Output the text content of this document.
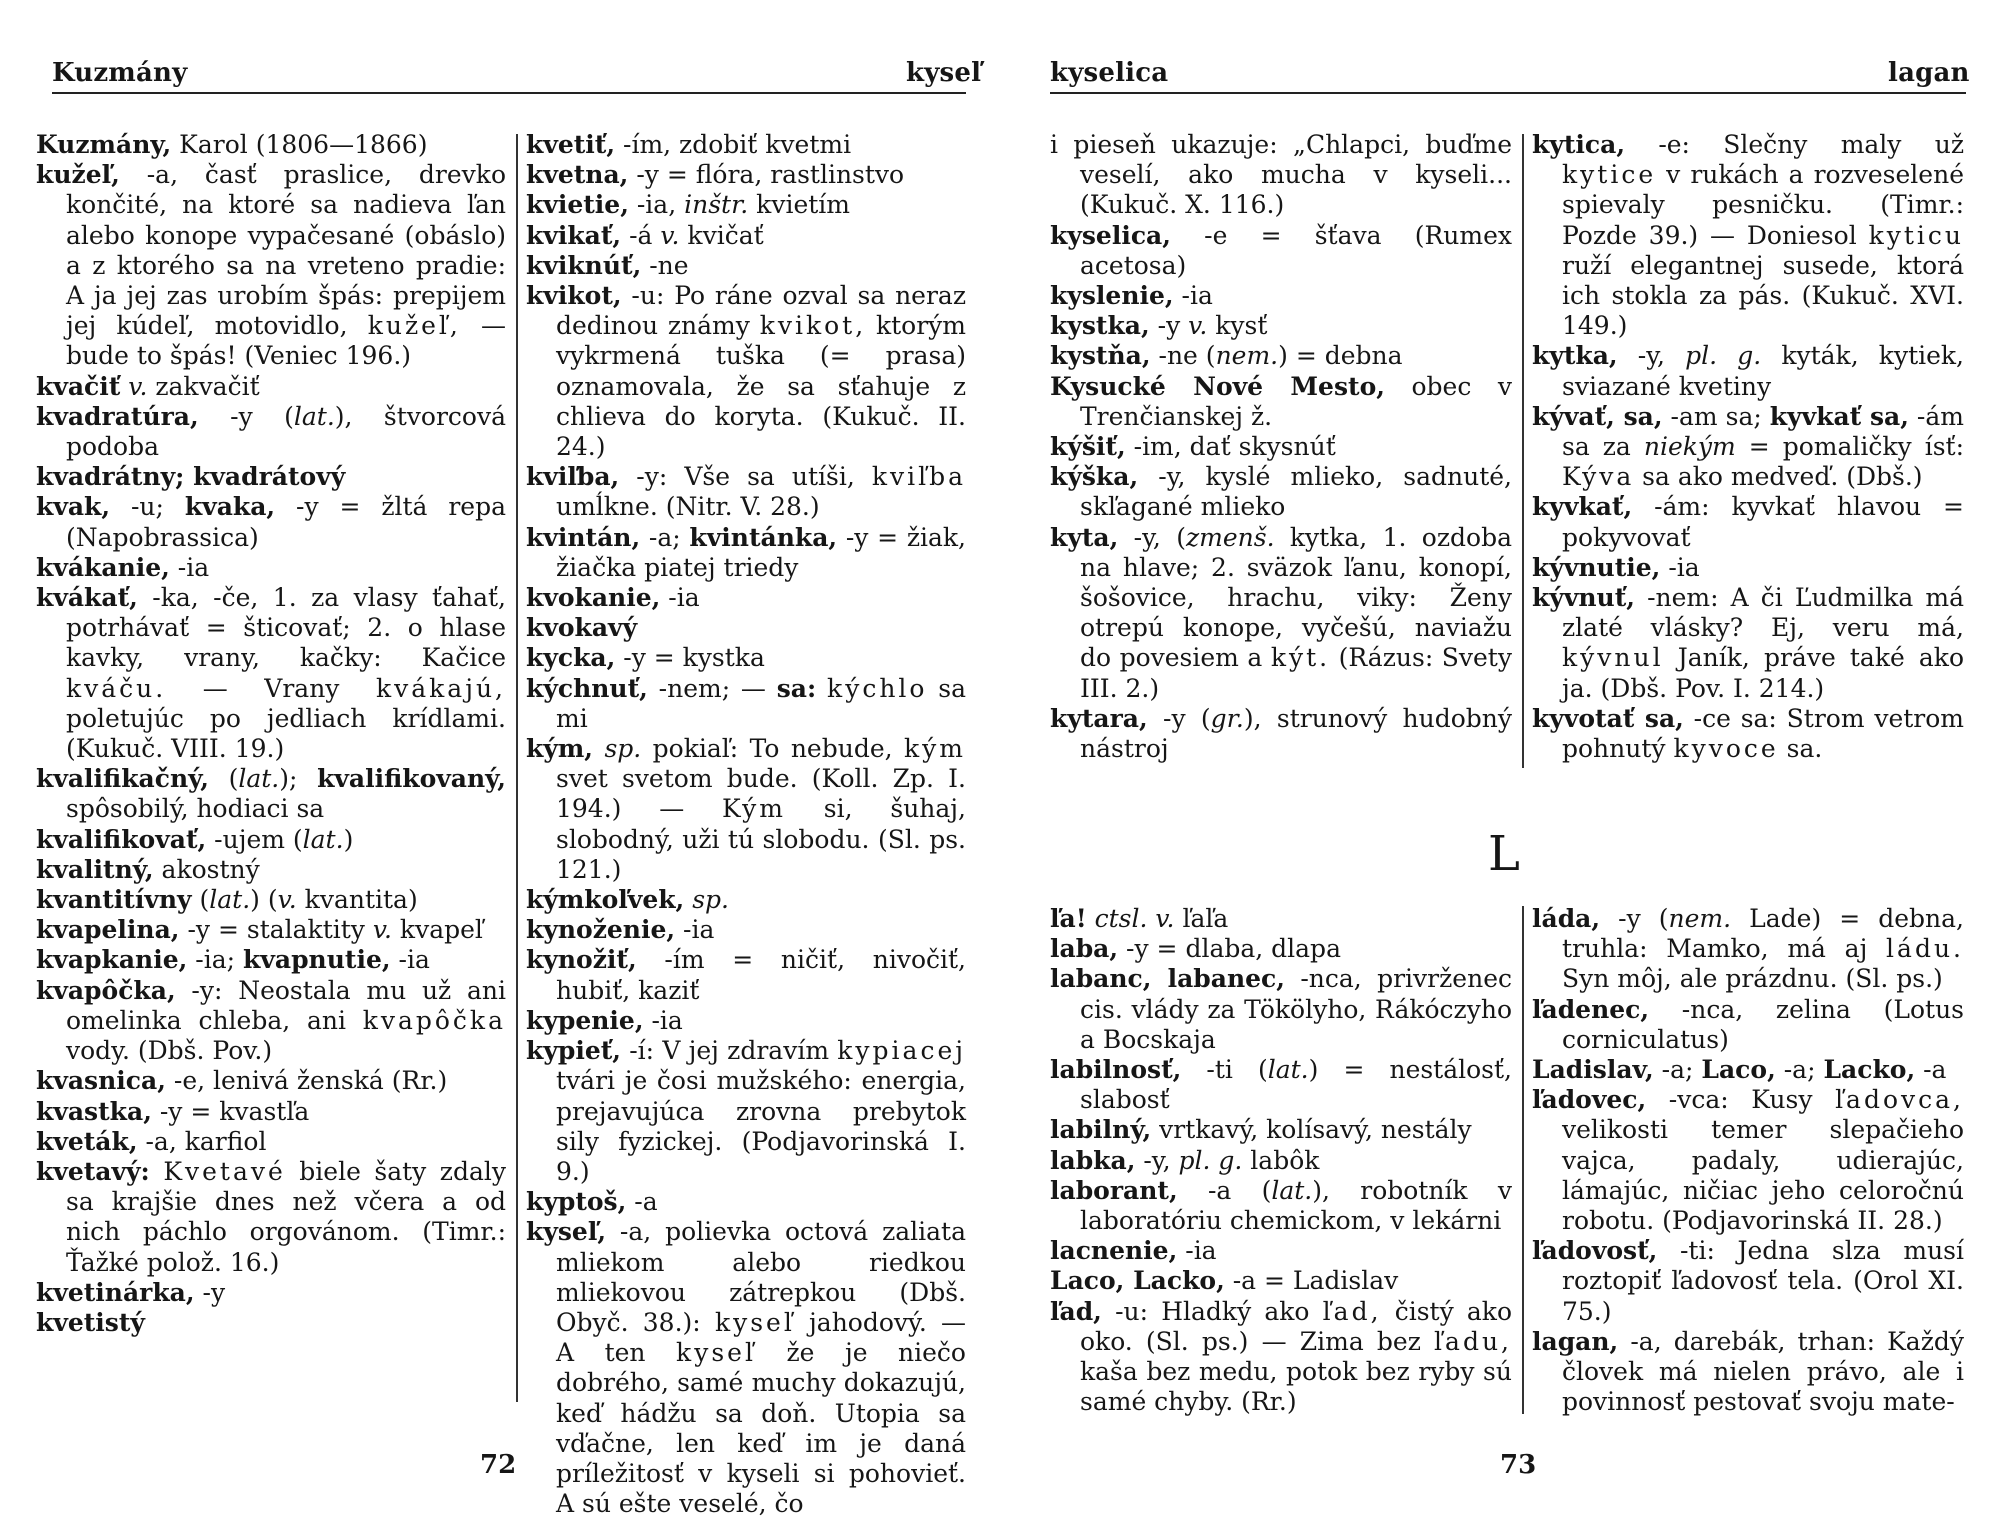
Kuzmány	kyseľ

Kuzmány, Karol (1806—1866)

kužeľ, -a, časť praslice, drevko končité, na ktoré sa nadieva ľan alebo konope vypačesané (obáslo) a z ktorého sa na vreteno pradie: A ja jej zas urobím špás: prepijem jej kúdeľ, motovidlo, kužeľ, — bude to špás! (Veniec 196.)

kvačiť v. zakvačiť

kvadratúra, -y (lat.), štvorcová podoba

kvadrátny; kvadrátový

kvak, -u; kvaka, -y = žltá repa (Napobrassica)

kvákanie, -ia

kvákať, -ka, -če, 1. za vlasy ťahať, potrhávať = šticovať; 2. o hlase kavky, vrany, kačky: Kačice kváču. — Vrany kvákajú, poletujúc po jedliach krídlami. (Kukuč. VIII. 19.)

kvalifikačný, (lat.); kvalifikovaný, spôsobilý, hodiaci sa

kvalifikovať, -ujem (lat.)

kvalitný, akostný

kvantitívny (lat.) (v. kvantita)

kvapelina, -y = stalaktity v. kvapeľ

kvapkanie, -ia; kvapnutie, -ia

kvapôčka, -y: Neostala mu už ani omelinka chleba, ani kvapôčka vody. (Dbš. Pov.)

kvasnica, -e, lenivá ženská (Rr.)

kvastka, -y = kvastľa

kveták, -a, karfiol

kvetavý: Kvetavé biele šaty zdaly sa krajšie dnes než včera a od nich páchlo orgovánom. (Timr.: Ťažké polož. 16.)

kvetinárka, -y

kvetistý

kvetiť, -ím, zdobiť kvetmi

kvetna, -y = flóra, rastlinstvo

kvietie, -ia, inštr. kvietím

kvikať, -á v. kvičať

kviknúť, -ne

kvikot, -u: Po ráne ozval sa neraz dedinou známy kvikot, ktorým vykrmená tuška (= prasa) oznamovala, že sa sťahuje z chlieva do koryta. (Kukuč. II. 24.)

kviľba, -y: Vše sa utíši, kviľba umĺkne. (Nitr. V. 28.)

kvintán, -a; kvintánka, -y = žiak, žiačka piatej triedy

kvokanie, -ia

kvokavý

kycka, -y = kystka

kýchnuť, -nem; — sa: kýchlo sa mi

kým, sp. pokiaľ: To nebude, kým svet svetom bude. (Koll. Zp. I. 194.) — Kým si, šuhaj, slobodný, uži tú slobodu. (Sl. ps. 121.)

kýmkoľvek, sp.

kynoženie, -ia

kynožiť, -ím = ničiť, nivočiť, hubiť, kaziť

kypenie, -ia

kypieť, -í: V jej zdravím kypiacej tvári je čosi mužského: energia, prejavujúca zrovna prebytok sily fyzickej. (Podjavorinská I. 9.)

kyptoš, -a

kyseľ, -a, polievka octová zaliata mliekom alebo riedkou mliekovou zátrepkou (Dbš. Obyč. 38.): kyseľ jahodový. — A ten kyseľ že je niečo dobrého, samé muchy dokazujú, keď hádžu sa doň. Utopia sa vďačne, len keď im je daná príležitosť v kyseli si pohovieť. A sú ešte veselé, čo

72
kyselica	lagan

i pieseň ukazuje: „Chlapci, buďme veselí, ako mucha v kyseli... (Kukuč. X. 116.)

kyselica, -e = šťava (Rumex acetosa)

kyslenie, -ia

kystka, -y v. kysť

kystňa, -ne (nem.) = debna

Kysucké Nové Mesto, obec v Trenčianskej ž.

kýšiť, -im, dať skysnúť

kýška, -y, kyslé mlieko, sadnuté, skľagané mlieko

kyta, -y, (zmenš. kytka, 1. ozdoba na hlave; 2. sväzok ľanu, konopí, šošovice, hrachu, viky: Ženy otrepú konope, vyčešú, naviažu do povesiem a kýt. (Rázus: Svety III. 2.)

kytara, -y (gr.), strunový hudobný nástroj

kytica, -e: Slečny maly už kytice v rukách a rozveselené spievaly pesničku. (Timr.: Pozde 39.) — Doniesol kyticu ruží elegantnej susede, ktorá ich stokla za pás. (Kukuč. XVI. 149.)

kytka, -y, pl. g. kyták, kytiek, sviazané kvetiny

kývať, sa, -am sa; kyvkať sa, -ám sa za niekým = pomaličky ísť: Kýva sa ako medveď. (Dbš.)

kyvkať, -ám: kyvkať hlavou = pokyvovať

kývnutie, -ia

kývnuť, -nem: A či Ľudmilka má zlaté vlásky? Ej, veru má, kývnul Janík, práve také ako ja. (Dbš. Pov. I. 214.)

kyvotať sa, -ce sa: Strom vetrom pohnutý kyvoce sa.

L

ľa! ctsl. v. ľaľa

laba, -y = dlaba, dlapa

labanc, labanec, -nca, privrženec cis. vlády za Tökölyho, Rákóczyho a Bocskaja

labilnosť, -ti (lat.) = nestálosť, slabosť

labilný, vrtkavý, kolísavý, nestály

labka, -y, pl. g. labôk

laborant, -a (lat.), robotník v laboratóriu chemickom, v lekárni

lacnenie, -ia

Laco, Lacko, -a = Ladislav

ľad, -u: Hladký ako ľad, čistý ako oko. (Sl. ps.) — Zima bez ľadu, kaša bez medu, potok bez ryby sú samé chyby. (Rr.)

láda, -y (nem. Lade) = debna, truhla: Mamko, má aj ládu. Syn môj, ale prázdnu. (Sl. ps.)

ľadenec, -nca, zelina (Lotus corniculatus)

Ladislav, -a; Laco, -a; Lacko, -a

ľadovec, -vca: Kusy ľadovca, velikosti temer slepačieho vajca, padaly, udierajúc, lámajúc, ničiac jeho celoročnú robotu. (Podjavorinská II. 28.)

ľadovosť, -ti: Jedna slza musí roztopiť ľadovosť tela. (Orol XI. 75.)

lagan, -a, darebák, trhan: Každý človek má nielen právo, ale i povinnosť pestovať svoju mate-

73
